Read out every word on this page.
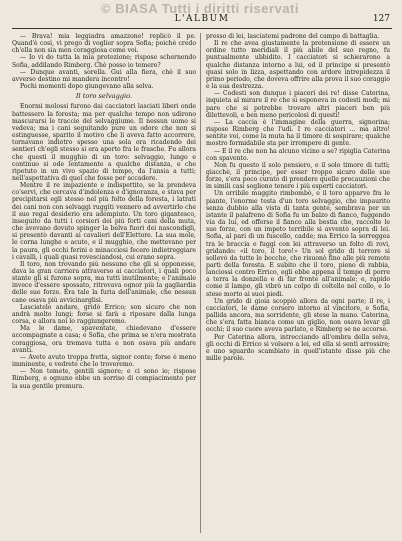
© BIASA Tutti i diritti riservati
L'ALBUM	127

— Brava! mia leggiadra amazzone! replicò il pe. Quand'è così, vi prego di voglier sopra Sofia; poichè credo ch'ella non sia men coraggiosa come voi.

— Io vi do tutta la mia protezione; rispose schernendo Sofia, addilando Rimberg. Chè posso io temere?

— Dunque avanti, sorella. Gui alla fiera, chè il suo avverso destino mi mandera incontro!

Pochi momenti dopo giungevano alla selva.

Il toro selvaggio.

Enormi molossi furono dai cacciatori lasciati liberi onde battessero la foresta; ma per qualche tempo non udirono mascurarsi le traccie del selvaggiume. Il nessun uomo si vedeva; ma i cani seguitando pure un odore che non si estinguesse, sparito il motivo che li aveva fatto accorrere, tornavano indietro spesso una sola ora ricadendo dei sentieri ch'egli stesso si era aperto fra le frasche. Fu allora che questi il mugghio di un toro: selvaggio, lungo e continuo si ode lentamente a qualche distanza, e che ripetuto in un vivo spazio di tempo, da l'ansia a tutti; nell'aspettativa di quel che fosse per accadere.

Mentre il re impaziente e indispettito, se la prendeva co'servi, che cercava d'indolenza e d'ignoranza, e stava per precipitarsi egli stesso nel più folto della foresta, i latrati dei cani non con selvaggi ruggiti vennero ad avvertirlo che il suo regal desiderio era adempiuto. Un toro gigantesco, inseguito da tutti i corsieri dei più forti cani della muta, che avevano dovuto spinger la belva fuori dei nascondigli, si presentò davanti ai cavalieri dell'Elettore. La sua mole, le corna lunghe e acute, e il mugghio, che mettevano per la paura, gli occhi ferini e minacciosi fecero indietreggiare i cavalli, i quali quasi rovesciandosi, cui erano sopra.

Il toro, non trovando più nessuno che gli si opponesse, dava la gran carriera attraverso ai cacciatori, i quali poco stante gli si furono sopra, ma tutti inutilmente; e l'animale invece d'essere spossato, ritrovava ognor più la gagliardia delle sue forze. Era tale la furia dell'animale, che nessun cane osava più avvicinarglisi.

Lasciatelo andare, gridò Errico; son sicuro che non andrà molto lungi; forse si farà a riposare dalla lunga corsa, e allora noi lo raggiungeremo.

Ma le dame, spaventate, chiedevano d'essere accompagnate a casa; e Sofia, che prima se n'era mostrata coraggiosa, ora tremava tutta e non osava più andare avanti.

— Avete avuto troppa fretta, signor conte; forse è meno imminente, e vedrete che lo troveremo.

— Non temete, gentili signore; e ci sono io; rispose Rimberg, e ognuno ebbe un sorriso di compiacimento per la sua gentile premura.

presso di lei, lasciatemi padrone del campo di battaglia.

Il re che avea giustamente la pretensione di essere un ordine tutto meridiali il più abile del suo regno, fu puntualmente ubbidito. I cacciatori si schierarono a qualche distanza intorno a lui, ed il principe si presentò quasi solo in lizza, aspettando con ardore intrepidezza il primo periodo, che doveva offrire alla prova il suo coraggio e la sua destrezza.

— Codesti son dunque i piaceri dei re! disse Caterina, inquieta al mirare il re che si esponeva in codesti modi; mi pare che si potrebbe trovare altri piaceri ben più dilettevoli, e ben meno pericolosi di questi!

— La caccia è l'immagine della guerra, signorina; rispose Rimberg che l'udì. I re cacciatori ... ma altro! sentite voi, come la muta ha il timore di sospirare; qualche mostro formidabile sta per irrompere di gente.

— E il re che non ha alcuno vicino a se? ripiglia Caterina con spavento.

Non fu questo il solo pensiero, e il solo timore di tutti; giacchè, il principe, per esser troppo sicuro delle sue forze, s'era poco curato di prendere quelle precauzioni che in simili casi sogliono tenere i più esperti cacciatori.

Un orribile muggito rimbombò, e il toro apparve fra le piante, l'enorme testa d'un toro selvaggio, che impaurito senza dubbio alla vista di tanta gente, sembrava per un istante il palafreno di Sofia fu un balzo di fianco, fuggendo via da lui, ed offerse il fianco alla bestia che, raccolte le sue forze, con un impeto terribile si avventò sopra di lei. Sofia, al pari di un fuscello, cadde; ma Errico la sorreggea tra le braccia e fuggì con lei attraverso un folto di rovi, gridando: «il toro, il toro!» Un sol grido di terrore si sollevò da tutte le bocche, che risuonò fino alle più remote parti della foresta. E subito che il toro, pieno di rabbia, lanciossi contro Errico, egli ebbe appena il tempo di porre a terra la donzella e di far fronte all'animale; e, rapido come il lampo, gli vibrò un colpo di coltello nel collo, e lo stese morto ai suoi piedi.

Un grido di gioia scoppiò allora da ogni parte; il re, i cacciatori, le dame corsero intorno al vincitore, e Sofia, pallida ancora, ma sorridente, gli stese la mano. Caterina, che s'era fatta bianca come un giglio, non osava levar gli occhi; il suo cuore aveva parlato, e Rimberg se ne accorse.

Per Caterina allora, intrecciando all'ombra della selva, gli occhi di Errico si volsero a lei, ed ella si sentì arrossire; e uno sguardo scambiato in quell'istante disse più che mille parole.
